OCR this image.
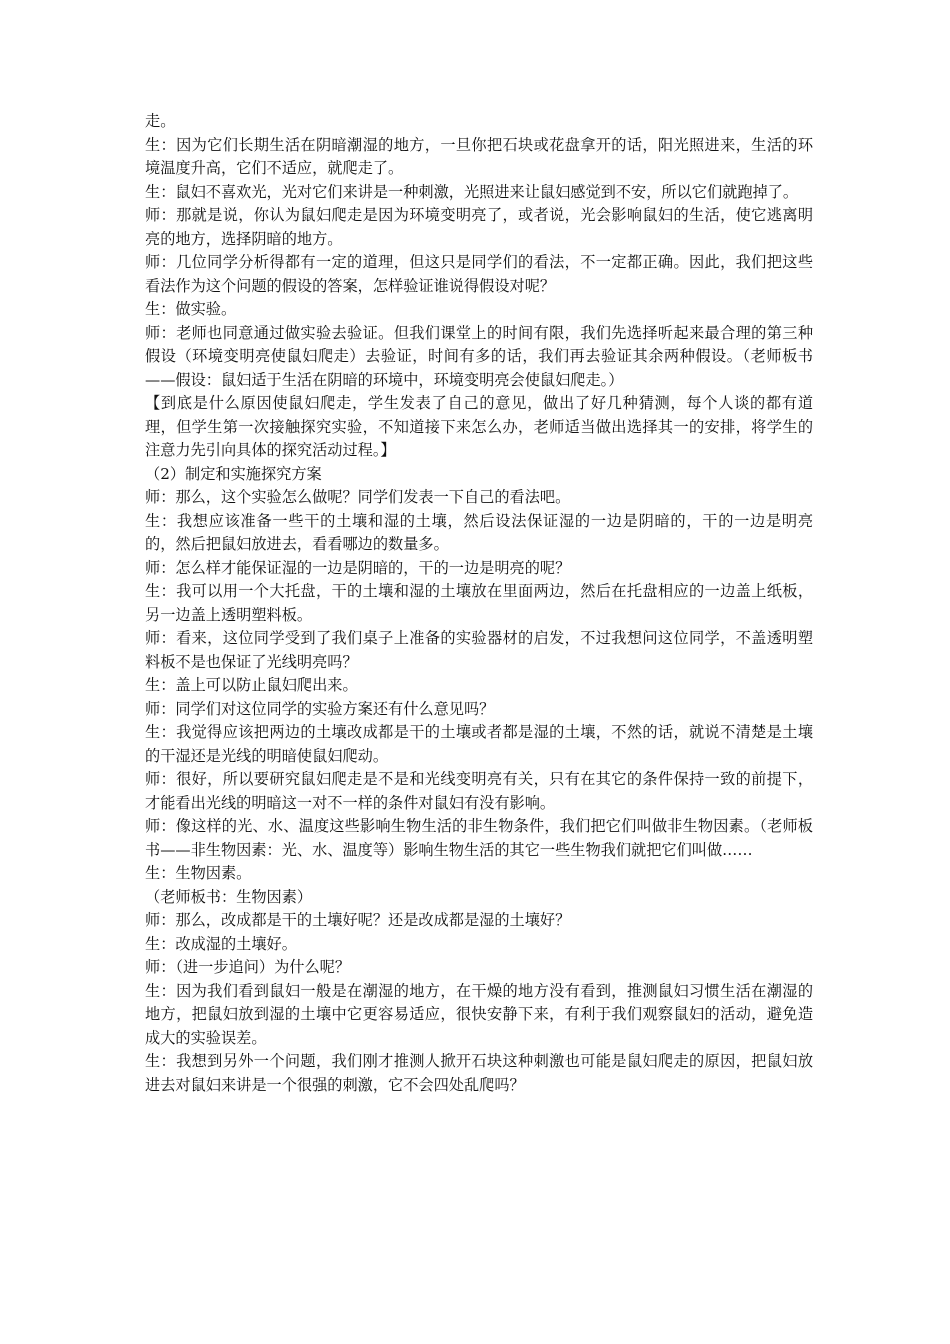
走。

生：因为它们长期生活在阴暗潮湿的地方，一旦你把石块或花盘拿开的话，阳光照进来，生活的环境温度升高，它们不适应，就爬走了。

生：鼠妇不喜欢光，光对它们来讲是一种刺激，光照进来让鼠妇感觉到不安，所以它们就跑掉了。

师：那就是说，你认为鼠妇爬走是因为环境变明亮了，或者说，光会影响鼠妇的生活，使它逃离明亮的地方，选择阴暗的地方。

师：几位同学分析得都有一定的道理，但这只是同学们的看法，不一定都正确。因此，我们把这些看法作为这个问题的假设的答案，怎样验证谁说得假设对呢？

生：做实验。

师：老师也同意通过做实验去验证。但我们课堂上的时间有限，我们先选择听起来最合理的第三种假设（环境变明亮使鼠妇爬走）去验证，时间有多的话，我们再去验证其余两种假设。（老师板书——假设：鼠妇适于生活在阴暗的环境中，环境变明亮会使鼠妇爬走。）

【到底是什么原因使鼠妇爬走，学生发表了自己的意见，做出了好几种猜测，每个人谈的都有道理，但学生第一次接触探究实验，不知道接下来怎么办，老师适当做出选择其一的安排，将学生的注意力先引向具体的探究活动过程。】

（2）制定和实施探究方案

师：那么，这个实验怎么做呢？同学们发表一下自己的看法吧。

生：我想应该准备一些干的土壤和湿的土壤，然后设法保证湿的一边是阴暗的，干的一边是明亮的，然后把鼠妇放进去，看看哪边的数量多。

师：怎么样才能保证湿的一边是阴暗的，干的一边是明亮的呢？

生：我可以用一个大托盘，干的土壤和湿的土壤放在里面两边，然后在托盘相应的一边盖上纸板，另一边盖上透明塑料板。

师：看来，这位同学受到了我们桌子上准备的实验器材的启发，不过我想问这位同学，不盖透明塑料板不是也保证了光线明亮吗？

生：盖上可以防止鼠妇爬出来。

师：同学们对这位同学的实验方案还有什么意见吗？

生：我觉得应该把两边的土壤改成都是干的土壤或者都是湿的土壤，不然的话，就说不清楚是土壤的干湿还是光线的明暗使鼠妇爬动。

师：很好，所以要研究鼠妇爬走是不是和光线变明亮有关，只有在其它的条件保持一致的前提下，才能看出光线的明暗这一对不一样的条件对鼠妇有没有影响。

师：像这样的光、水、温度这些影响生物生活的非生物条件，我们把它们叫做非生物因素。（老师板书——非生物因素：光、水、温度等）影响生物生活的其它一些生物我们就把它们叫做……

生：生物因素。

（老师板书：生物因素）

师：那么，改成都是干的土壤好呢？还是改成都是湿的土壤好？

生：改成湿的土壤好。

师：（进一步追问）为什么呢？

生：因为我们看到鼠妇一般是在潮湿的地方，在干燥的地方没有看到，推测鼠妇习惯生活在潮湿的地方，把鼠妇放到湿的土壤中它更容易适应，很快安静下来，有利于我们观察鼠妇的活动，避免造成大的实验误差。

生：我想到另外一个问题，我们刚才推测人掀开石块这种刺激也可能是鼠妇爬走的原因，把鼠妇放进去对鼠妇来讲是一个很强的刺激，它不会四处乱爬吗？
